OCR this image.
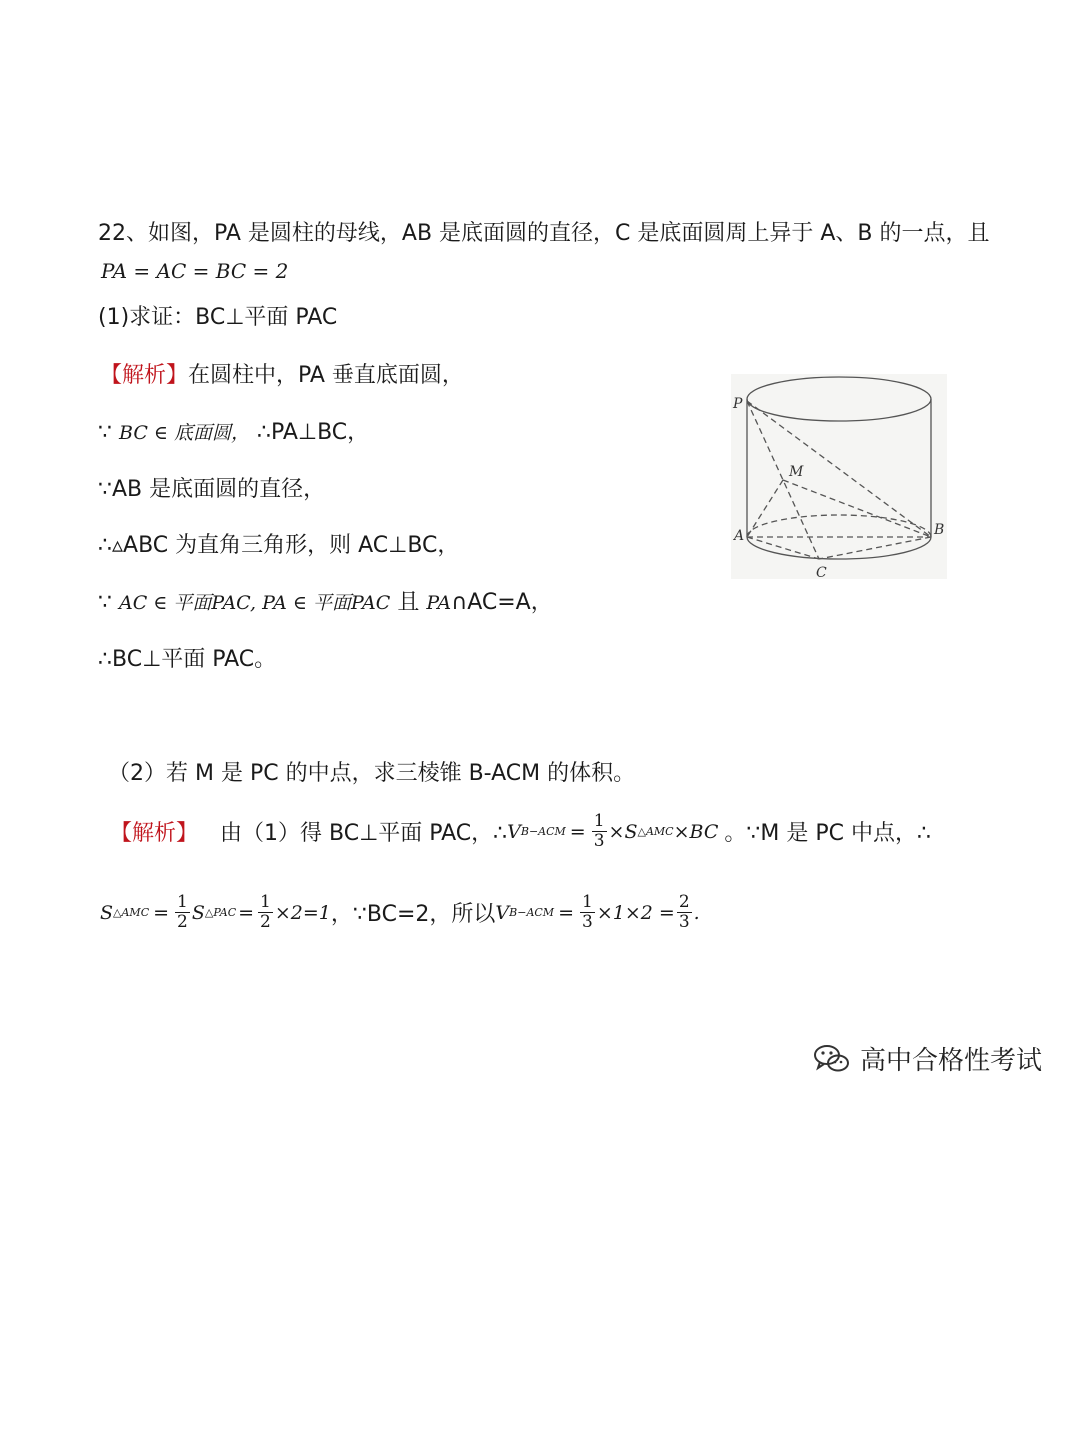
22、如图，PA 是圆柱的母线，AB 是底面圆的直径，C 是底面圆周上异于 A、B 的一点，且
PA = AC = BC = 2
(1)求证：BC⊥平面 PAC
【解析】在圆柱中，PA 垂直底面圆，
∵ BC ∈ 底面圆， ∴PA⊥BC，
∵AB 是底面圆的直径，
∴▵ABC 为直角三角形，则 AC⊥BC，
∵ AC ∈ 平面PAC, PA ∈ 平面PAC 且 PA∩AC=A，
∴BC⊥平面 PAC。
P
M
A	B
C
（2）若 M 是 PC 的中点，求三棱锥 B-ACM 的体积。
【解析】 由（1）得 BC⊥平面 PAC，∴ V $B-ACM = \frac{1}{3} \times S$ △AMC ×BC 。∵M 是 PC 中点，∴
S △AMC = $\frac{1}{2}$ S △PAC = $\frac{1}{2} \times 2=1$ ，∵BC=2，所以 V $B-ACM = \frac{1}{3} \times 1\times 2 = \frac{2}{3}$ .
高中合格性考试
